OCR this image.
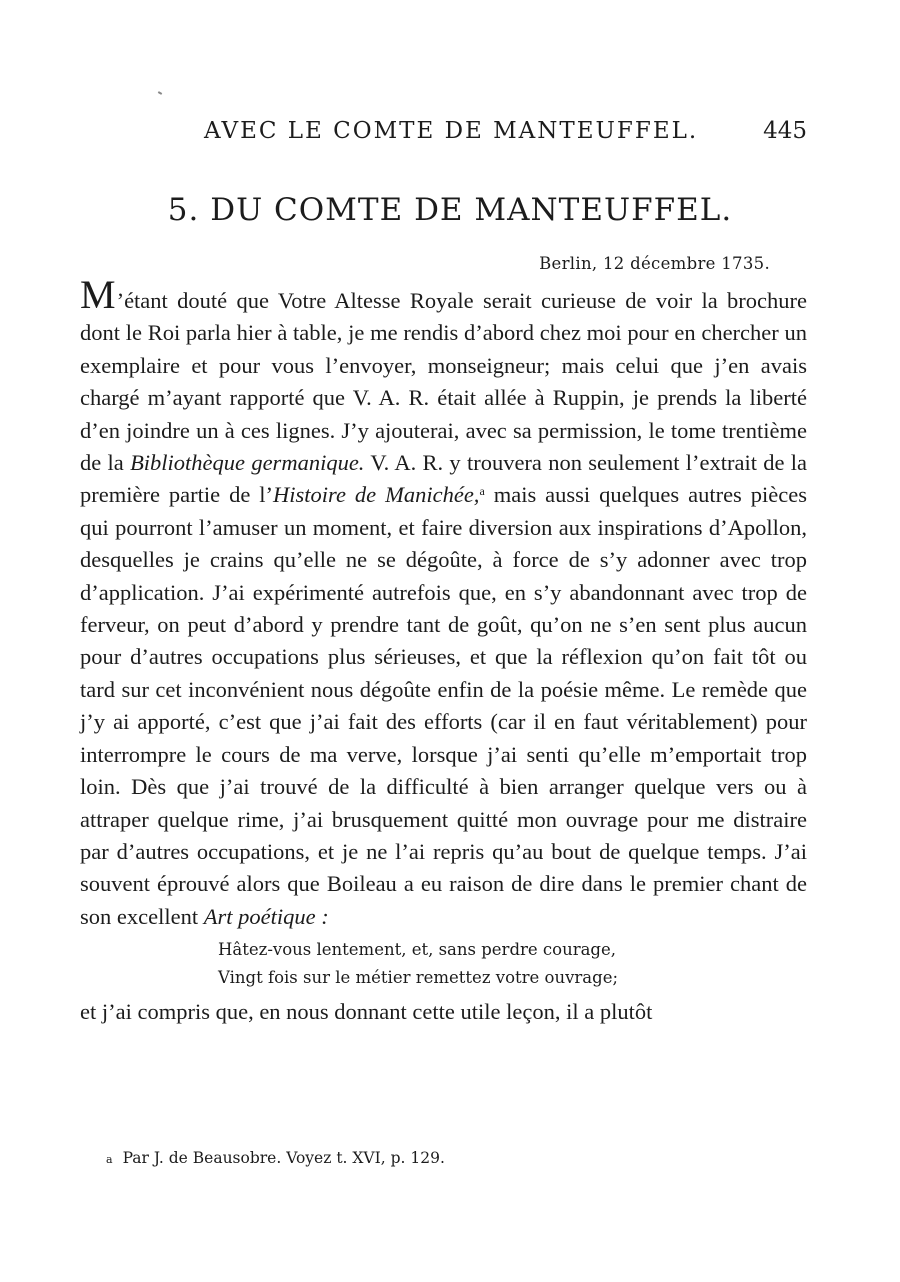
AVEC LE COMTE DE MANTEUFFEL.	445
5. DU COMTE DE MANTEUFFEL.
Berlin, 12 décembre 1735.

M’étant douté que Votre Altesse Royale serait curieuse de voir la brochure dont le Roi parla hier à table, je me rendis d’abord chez moi pour en chercher un exemplaire et pour vous l’envoyer, monseigneur; mais celui que j’en avais chargé m’ayant rapporté que V. A. R. était allée à Ruppin, je prends la liberté d’en joindre un à ces lignes. J’y ajouterai, avec sa permission, le tome trentième de la Bibliothèque germanique. V. A. R. y trouvera non seulement l’extrait de la première partie de l’Histoire de Manichée,$^a$ mais aussi quelques autres pièces qui pourront l’amuser un moment, et faire diversion aux inspirations d’Apollon, desquelles je crains qu’elle ne se dégoûte, à force de s’y adonner avec trop d’application. J’ai expérimenté autrefois que, en s’y abandonnant avec trop de ferveur, on peut d’abord y prendre tant de goût, qu’on ne s’en sent plus aucun pour d’autres occupations plus sérieuses, et que la réflexion qu’on fait tôt ou tard sur cet inconvénient nous dégoûte enfin de la poésie même. Le remède que j’y ai apporté, c’est que j’ai fait des efforts (car il en faut véritablement) pour interrompre le cours de ma verve, lorsque j’ai senti qu’elle m’emportait trop loin. Dès que j’ai trouvé de la difficulté à bien arranger quelque vers ou à attraper quelque rime, j’ai brusquement quitté mon ouvrage pour me distraire par d’autres occupations, et je ne l’ai repris qu’au bout de quelque temps. J’ai souvent éprouvé alors que Boileau a eu raison de dire dans le premier chant de son excellent Art poétique :

Hâtez-vous lentement, et, sans perdre courage,
Vingt fois sur le métier remettez votre ouvrage;

et j’ai compris que, en nous donnant cette utile leçon, il a plutôt

a Par J. de Beausobre. Voyez t. XVI, p. 129.
